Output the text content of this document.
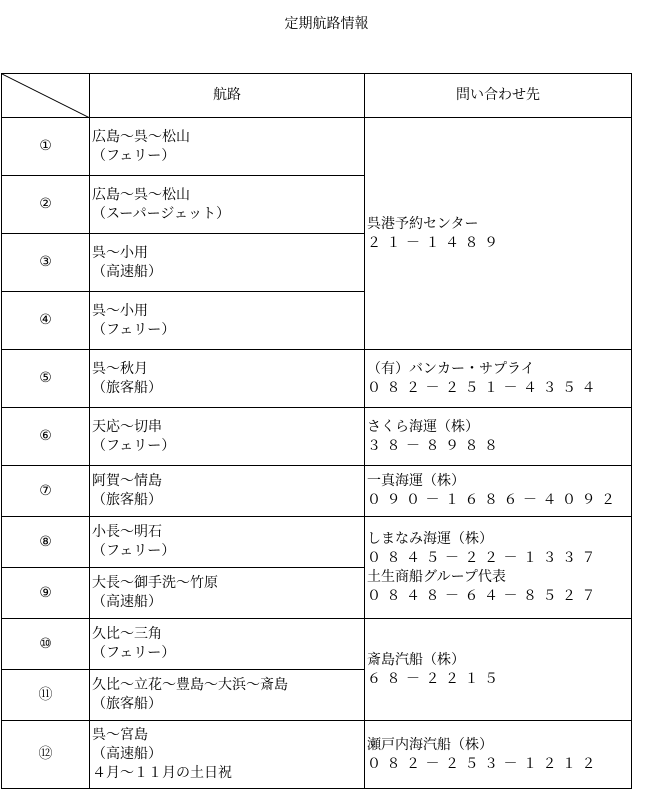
定期航路情報
	航路	問い合わせ先
①	広島～呉～松山
（フェリー）	呉港予約センター
２１－１４８９

②	広島～呉～松山
（スーパージェット）	

③	呉～小用
（高速船）	

④	呉～小用
（フェリー）	

⑤	呉～秋月
（旅客船）	（有）バンカー・サプライ
０８２－２５１－４３５４

⑥	天応～切串
（フェリー）	さくら海運（株）
３８－８９８８

⑦	阿賀～情島
（旅客船）	一真海運（株）
０９０－１６８６－４０９２

⑧	小長～明石
（フェリー）	しまなみ海運（株）
０８４５－２２－１３３７
土生商船グループ代表
０８４８－６４－８５２７

⑨	大長～御手洗～竹原
（高速船）	

⑩	久比～三角
（フェリー）	斎島汽船（株）
６８－２２１５

⑪	久比～立花～豊島～大浜～斎島
（旅客船）	

⑫	呉～宮島
（高速船）
４月～１１月の土日祝	瀬戸内海汽船（株）
０８２－２５３－１２１２
